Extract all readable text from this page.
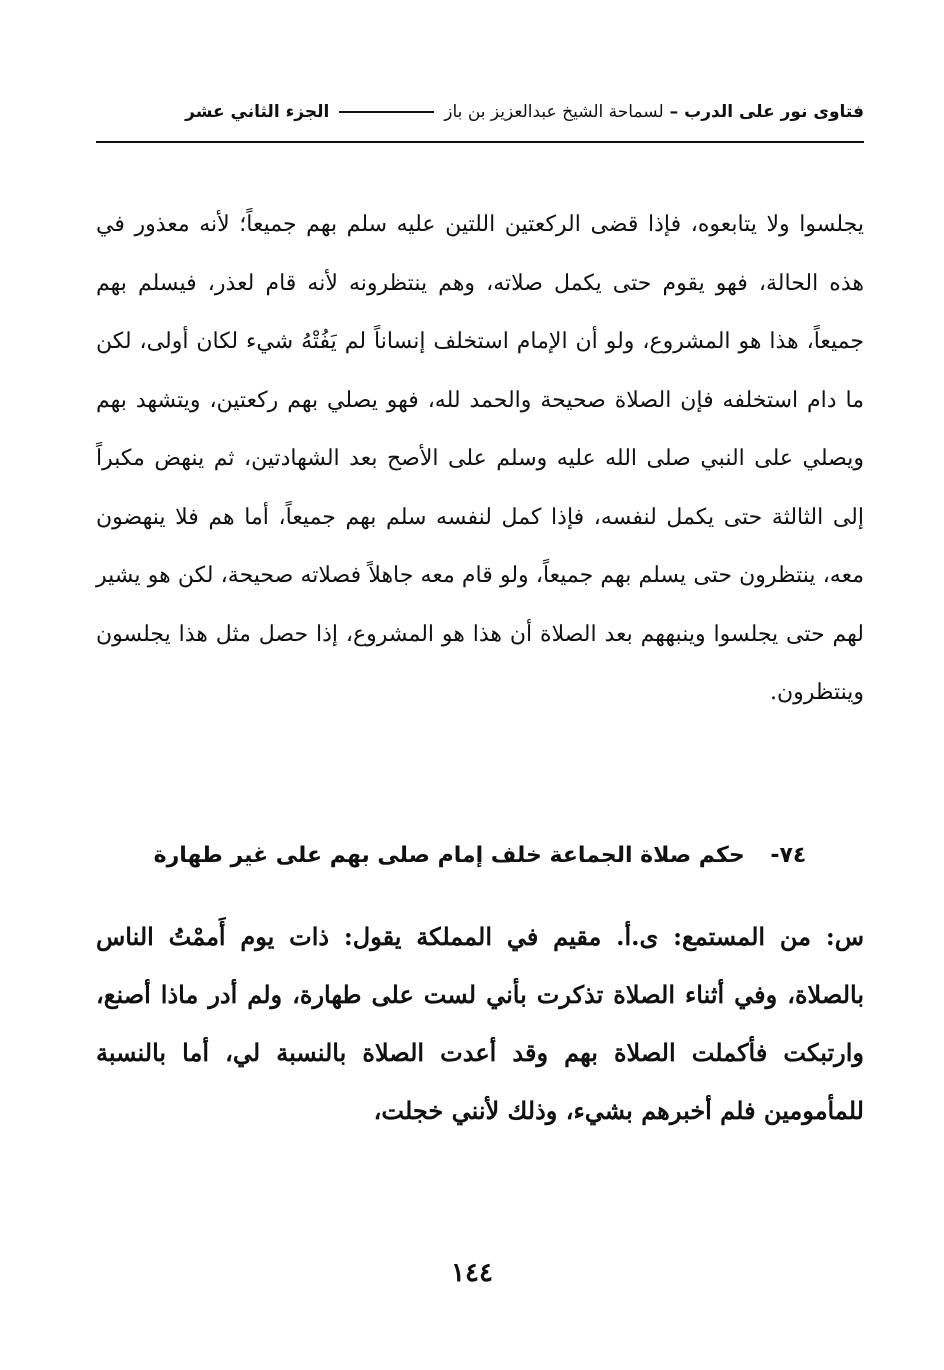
فتاوى نور على الدرب
–
لسماحة الشيخ عبدالعزيز بن باز
الجزء الثاني عشر

يجلسوا ولا يتابعوه، فإذا قضى الركعتين اللتين عليه سلم بهم جميعاً؛ لأنه معذور في هذه الحالة، فهو يقوم حتى يكمل صلاته، وهم ينتظرونه لأنه قام لعذر، فيسلم بهم جميعاً، هذا هو المشروع، ولو أن الإمام استخلف إنساناً لم يَفُتْهُ شيء لكان أولى، لكن ما دام استخلفه فإن الصلاة صحيحة والحمد لله، فهو يصلي بهم ركعتين، ويتشهد بهم ويصلي على النبي صلى الله عليه وسلم على الأصح بعد الشهادتين، ثم ينهض مكبراً إلى الثالثة حتى يكمل لنفسه، فإذا كمل لنفسه سلم بهم جميعاً، أما هم فلا ينهضون معه، ينتظرون حتى يسلم بهم جميعاً، ولو قام معه جاهلاً فصلاته صحيحة، لكن هو يشير لهم حتى يجلسوا وينبههم بعد الصلاة أن هذا هو المشروع، إذا حصل مثل هذا يجلسون وينتظرون.

٧٤- حكم صلاة الجماعة خلف إمام صلى بهم على غير طهارة

س: من المستمع: ى.أ. مقيم في المملكة يقول: ذات يوم أَممْتُ الناس بالصلاة، وفي أثناء الصلاة تذكرت بأني لست على طهارة، ولم أدر ماذا أصنع، وارتبكت فأكملت الصلاة بهم وقد أعدت الصلاة بالنسبة لي، أما بالنسبة للمأمومين فلم أخبرهم بشيء، وذلك لأنني خجلت،

١٤٤
